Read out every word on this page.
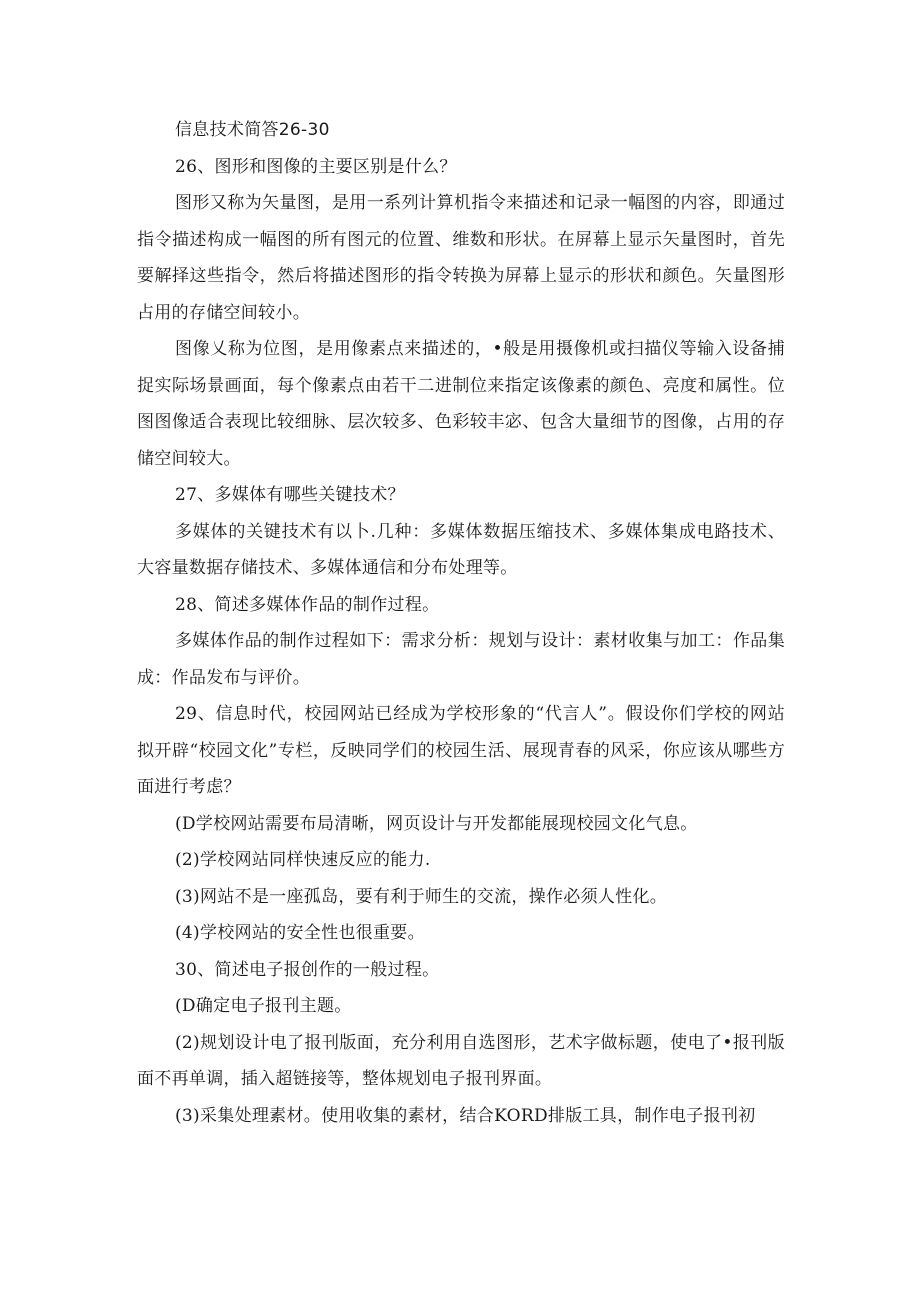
信息技术简答26-30

26、图形和图像的主要区别是什么？

图形又称为矢量图，是用一系列计算机指令来描述和记录一幅图的内容，即通过指令描述构成一幅图的所有图元的位置、维数和形状。在屏幕上显示矢量图时，首先要解择这些指令，然后将描述图形的指令转换为屏幕上显示的形状和颜色。矢量图形占用的存储空间较小。

图像乂称为位图，是用像素点来描述的，•般是用摄像机或扫描仪等输入设备捕捉实际场景画面，每个像素点由若干二进制位来指定该像素的颜色、亮度和属性。位图图像适合表现比较细脉、层次较多、色彩较丰宓、包含大量细节的图像，占用的存储空间较大。

27、多媒体有哪些关键技术？

多媒体的关键技术有以卜.几种：多媒体数据压缩技术、多媒体集成电路技术、大容量数据存储技术、多媒体通信和分布处理等。

28、简述多媒体作品的制作过程。

多媒体作品的制作过程如下：需求分析：规划与设计：素材收集与加工：作品集成：作品发布与评价。

29、信息时代，校园网站已经成为学校形象的“代言人”。假设你们学校的网站拟开辟“校园文化”专栏，反映同学们的校园生活、展现青春的风采，你应该从哪些方面进行考虑？

(D学校网站需要布局清晰，网页设计与开发都能展现校园文化气息。

(2)学校网站同样快速反应的能力.

(3)网站不是一座孤岛，要有利于师生的交流，操作必须人性化。

(4)学校网站的安全性也很重要。

30、简述电子报创作的一般过程。

(D确定电子报刊主题。

(2)规划设计电了报刊版面，充分利用自选图形，艺术字做标题，使电了•报刊版面不再单调，插入超链接等，整体规划电子报刊界面。

(3)采集处理素材。使用收集的素材，结合KORD排版工具，制作电子报刊初
